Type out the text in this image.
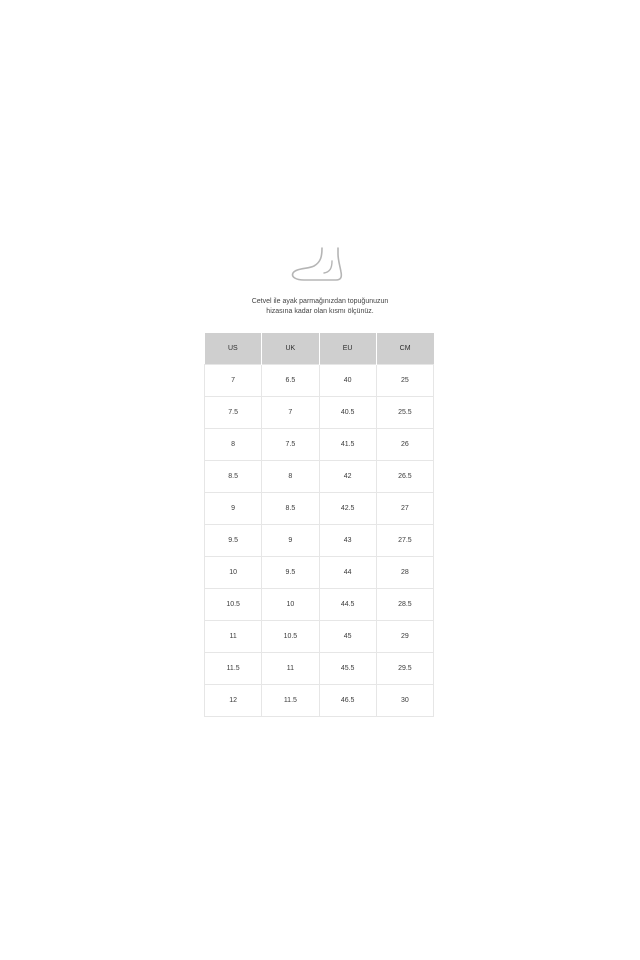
Cetvel ile ayak parmağınızdan topuğunuzun
hizasına kadar olan kısmı ölçünüz.
US	UK	EU	CM
7	6.5	40	25
7.5	7	40.5	25.5
8	7.5	41.5	26
8.5	8	42	26.5
9	8.5	42.5	27
9.5	9	43	27.5
10	9.5	44	28
10.5	10	44.5	28.5
11	10.5	45	29
11.5	11	45.5	29.5
12	11.5	46.5	30
